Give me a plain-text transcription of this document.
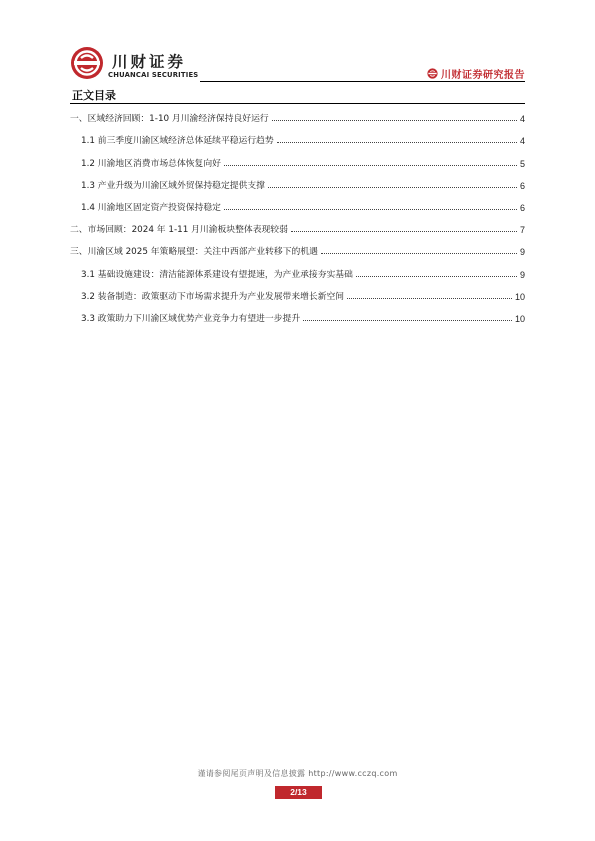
川财证券
CHUANCAI SECURITIES	川财证券研究报告
正文目录
一、区域经济回顾：1-10 月川渝经济保持良好运行	4
1.1 前三季度川渝区域经济总体延续平稳运行趋势	4
1.2 川渝地区消费市场总体恢复向好	5
1.3 产业升级为川渝区域外贸保持稳定提供支撑	6
1.4 川渝地区固定资产投资保持稳定	6
二、市场回顾：2024 年 1-11 月川渝板块整体表现较弱	7
三、川渝区域 2025 年策略展望：关注中西部产业转移下的机遇	9
3.1 基础设施建设：清洁能源体系建设有望提速，为产业承接夯实基础	9
3.2 装备制造：政策驱动下市场需求提升为产业发展带来增长新空间	10
3.3 政策助力下川渝区域优势产业竞争力有望进一步提升	10
谨请参阅尾页声明及信息披露 http://www.cczq.com
2/13
